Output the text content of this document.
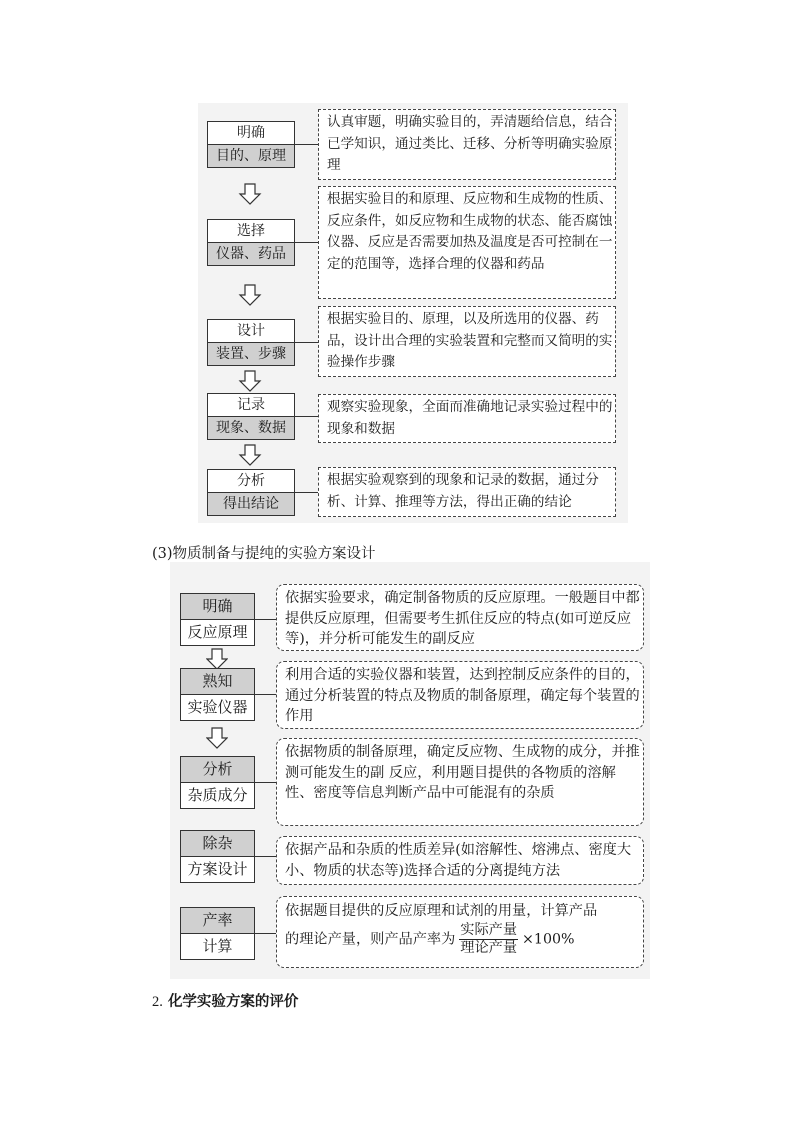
明确
目的、原理
认真审题，明确实验目的，弄清题给信息，结合已学知识，通过类比、迁移、分析等明确实验原理
选择
仪器、药品
根据实验目的和原理、反应物和生成物的性质、反应条件，如反应物和生成物的状态、能否腐蚀仪器、反应是否需要加热及温度是否可控制在一定的范围等，选择合理的仪器和药品
设计
装置、步骤
根据实验目的、原理，以及所选用的仪器、药品，设计出合理的实验装置和完整而又简明的实验操作步骤
记录
现象、数据
观察实验现象，全面而准确地记录实验过程中的现象和数据
分析
得出结论
根据实验观察到的现象和记录的数据，通过分析、计算、推理等方法，得出正确的结论
(3)物质制备与提纯的实验方案设计
明确
反应原理
依据实验要求，确定制备物质的反应原理。一般题目中都提供反应原理，但需要考生抓住反应的特点(如可逆反应等)，并分析可能发生的副反应
熟知
实验仪器
利用合适的实验仪器和装置，达到控制反应条件的目的，通过分析装置的特点及物质的制备原理，确定每个装置的作用
分析
杂质成分
依据物质的制备原理，确定反应物、生成物的成分，并推测可能发生的副 反应，利用题目提供的各物质的溶解性、密度等信息判断产品中可能混有的杂质
除杂
方案设计
依据产品和杂质的性质差异(如溶解性、熔沸点、密度大小、物质的状态等)选择合适的分离提纯方法
产率
计算
依据题目提供的反应原理和试剂的用量，计算产品
的理论产量，则产品产率为 $\frac{\text{实际产量}}{\text{理论产量}} \times 100\%$
2. 化学实验方案的评价
